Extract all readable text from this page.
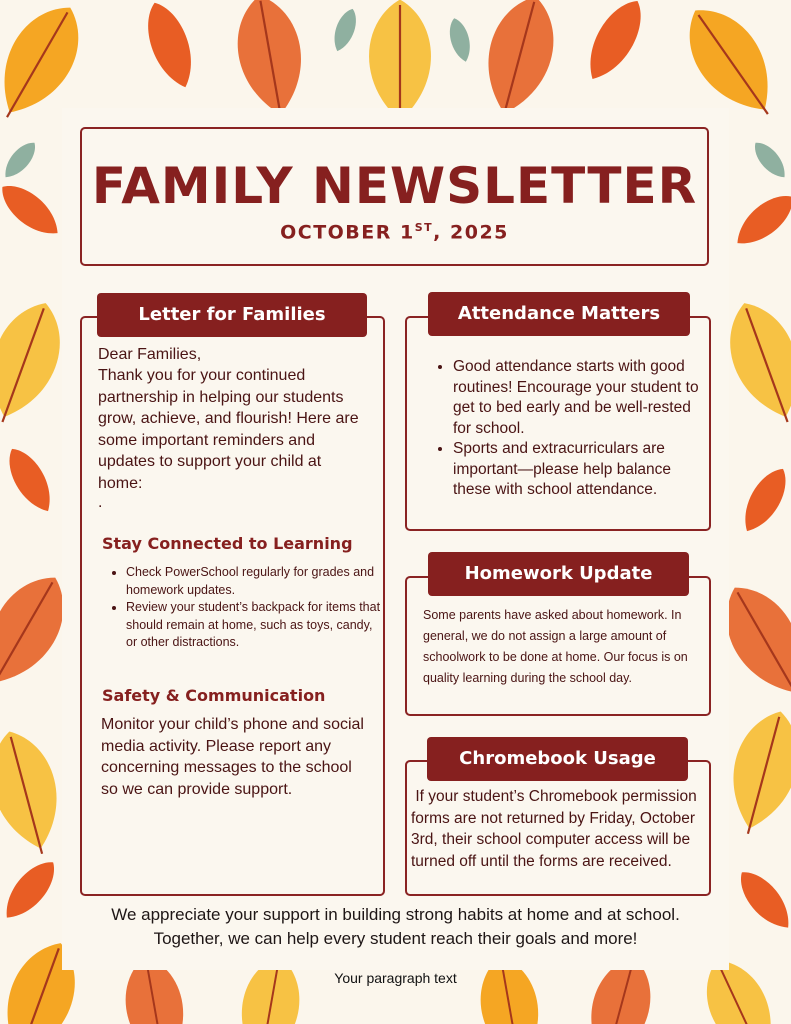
FAMILY NEWSLETTER
OCTOBER 1ST, 2025
Letter for Families
Dear Families,
Thank you for your continued partnership in helping our students grow, achieve, and flourish! Here are some important reminders and updates to support your child at home:
.
Stay Connected to Learning
• Check PowerSchool regularly for grades and homework updates.
• Review your student’s backpack for items that should remain at home, such as toys, candy, or other distractions.
Safety & Communication
Monitor your child’s phone and social media activity. Please report any concerning messages to the school so we can provide support.
Attendance Matters
• Good attendance starts with good routines! Encourage your student to get to bed early and be well-rested for school.
• Sports and extracurriculars are important—please help balance these with school attendance.
Homework Update
Some parents have asked about homework. In general, we do not assign a large amount of schoolwork to be done at home. Our focus is on quality learning during the school day.
Chromebook Usage
If your student’s Chromebook permission forms are not returned by Friday, October 3rd, their school computer access will be turned off until the forms are received.
We appreciate your support in building strong habits at home and at school.
Together, we can help every student reach their goals and more!
Your paragraph text
